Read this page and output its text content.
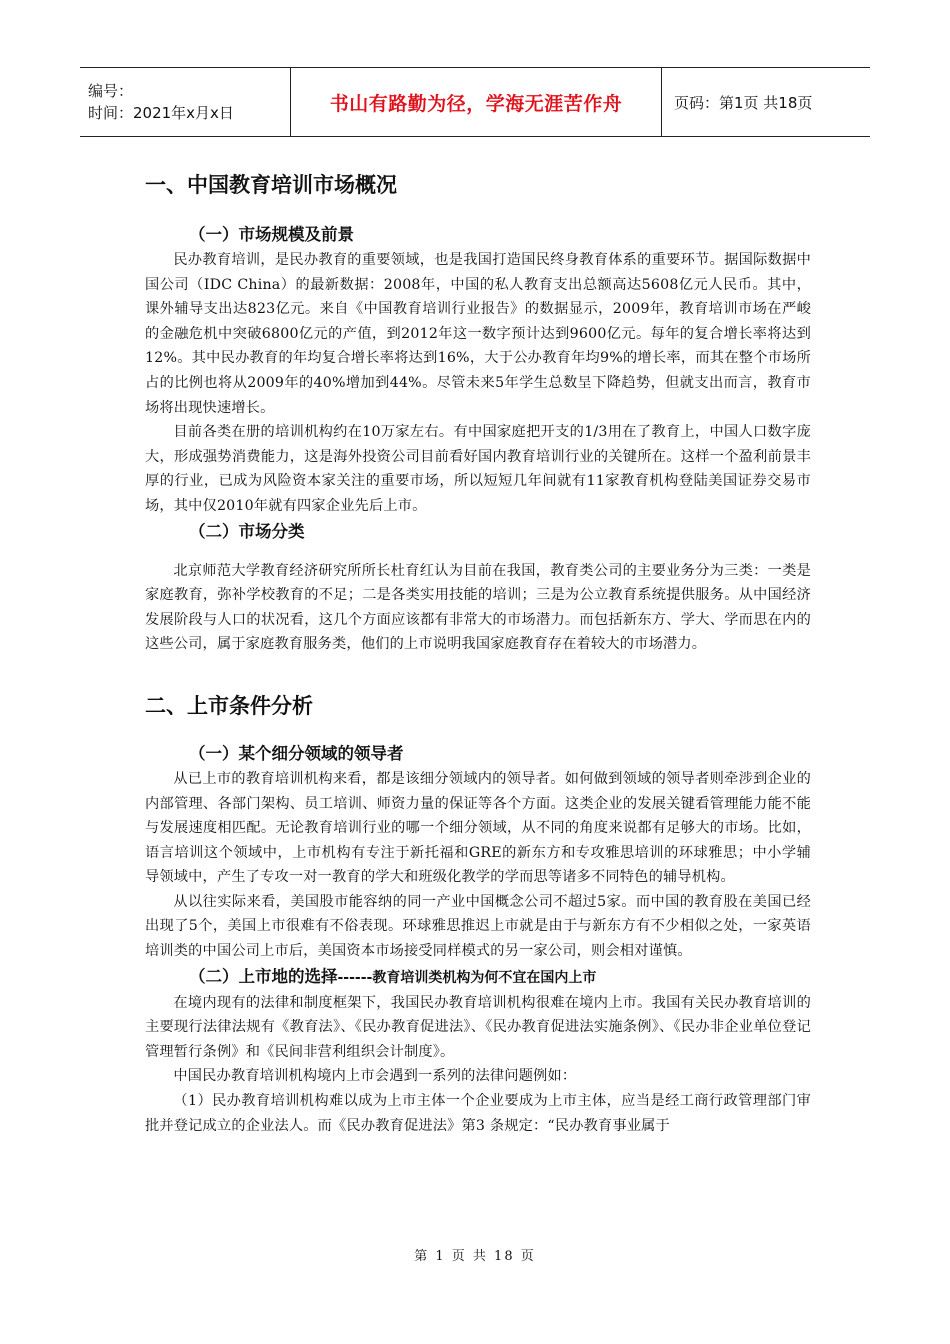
编号：
时间：2021年x月x日	书山有路勤为径，学海无涯苦作舟	页码：第1页 共18页
一、中国教育培训市场概况
（一）市场规模及前景

民办教育培训，是民办教育的重要领域，也是我国打造国民终身教育体系的重要环节。据国际数据中国公司（IDC China）的最新数据：2008年，中国的私人教育支出总额高达5608亿元人民币。其中，课外辅导支出达823亿元。来自《中国教育培训行业报告》的数据显示，2009年，教育培训市场在严峻的金融危机中突破6800亿元的产值，到2012年这一数字预计达到9600亿元。每年的复合增长率将达到12%。其中民办教育的年均复合增长率将达到16%，大于公办教育年均9%的增长率，而其在整个市场所占的比例也将从2009年的40%增加到44%。尽管未来5年学生总数呈下降趋势，但就支出而言，教育市场将出现快速增长。

目前各类在册的培训机构约在10万家左右。有中国家庭把开支的1/3用在了教育上，中国人口数字庞大，形成强势消费能力，这是海外投资公司目前看好国内教育培训行业的关键所在。这样一个盈利前景丰厚的行业，已成为风险资本家关注的重要市场，所以短短几年间就有11家教育机构登陆美国证券交易市场，其中仅2010年就有四家企业先后上市。

（二）市场分类

北京师范大学教育经济研究所所长杜育红认为目前在我国，教育类公司的主要业务分为三类：一类是家庭教育，弥补学校教育的不足；二是各类实用技能的培训；三是为公立教育系统提供服务。从中国经济发展阶段与人口的状况看，这几个方面应该都有非常大的市场潜力。而包括新东方、学大、学而思在内的这些公司，属于家庭教育服务类，他们的上市说明我国家庭教育存在着较大的市场潜力。

二、上市条件分析
（一）某个细分领域的领导者

从已上市的教育培训机构来看，都是该细分领域内的领导者。如何做到领域的领导者则牵涉到企业的内部管理、各部门架构、员工培训、师资力量的保证等各个方面。这类企业的发展关键看管理能力能不能与发展速度相匹配。无论教育培训行业的哪一个细分领域，从不同的角度来说都有足够大的市场。比如，语言培训这个领域中，上市机构有专注于新托福和GRE的新东方和专攻雅思培训的环球雅思；中小学辅导领域中，产生了专攻一对一教育的学大和班级化教学的学而思等诸多不同特色的辅导机构。

从以往实际来看，美国股市能容纳的同一产业中国概念公司不超过5家。而中国的教育股在美国已经出现了5个，美国上市很难有不俗表现。环球雅思推迟上市就是由于与新东方有不少相似之处，一家英语培训类的中国公司上市后，美国资本市场接受同样模式的另一家公司，则会相对谨慎。

（二）上市地的选择------教育培训类机构为何不宜在国内上市

在境内现有的法律和制度框架下，我国民办教育培训机构很难在境内上市。我国有关民办教育培训的主要现行法律法规有《教育法》、《民办教育促进法》、《民办教育促进法实施条例》、《民办非企业单位登记管理暂行条例》和《民间非营利组织会计制度》。

中国民办教育培训机构境内上市会遇到一系列的法律问题例如：

（1）民办教育培训机构难以成为上市主体一个企业要成为上市主体，应当是经工商行政管理部门审批并登记成立的企业法人。而《民办教育促进法》第3 条规定：“民办教育事业属于

第 1 页 共 18 页
